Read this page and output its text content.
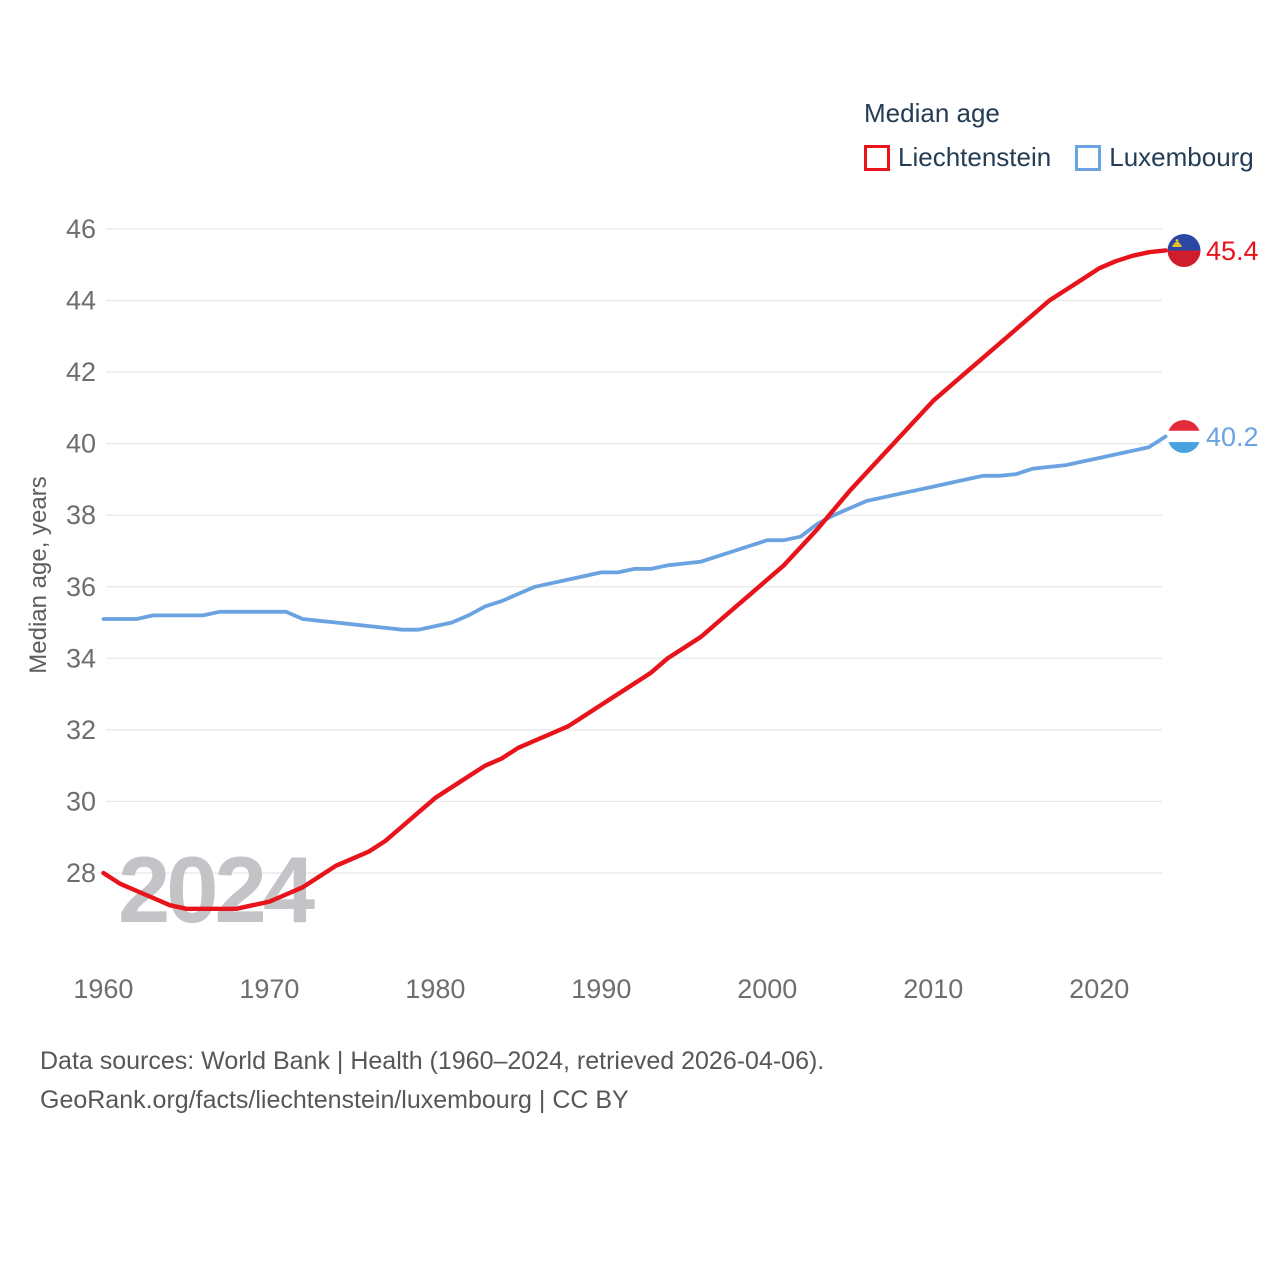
Median age
Liechtenstein Luxembourg
2024
28
30
32
34
36
38
40
42
44
46
1960	1970	1980	1990	2000	2010	2020
Median age, years
45.4
40.2
Data sources: World Bank | Health (1960–2024, retrieved 2026-04-06).
GeoRank.org/facts/liechtenstein/luxembourg | CC BY
